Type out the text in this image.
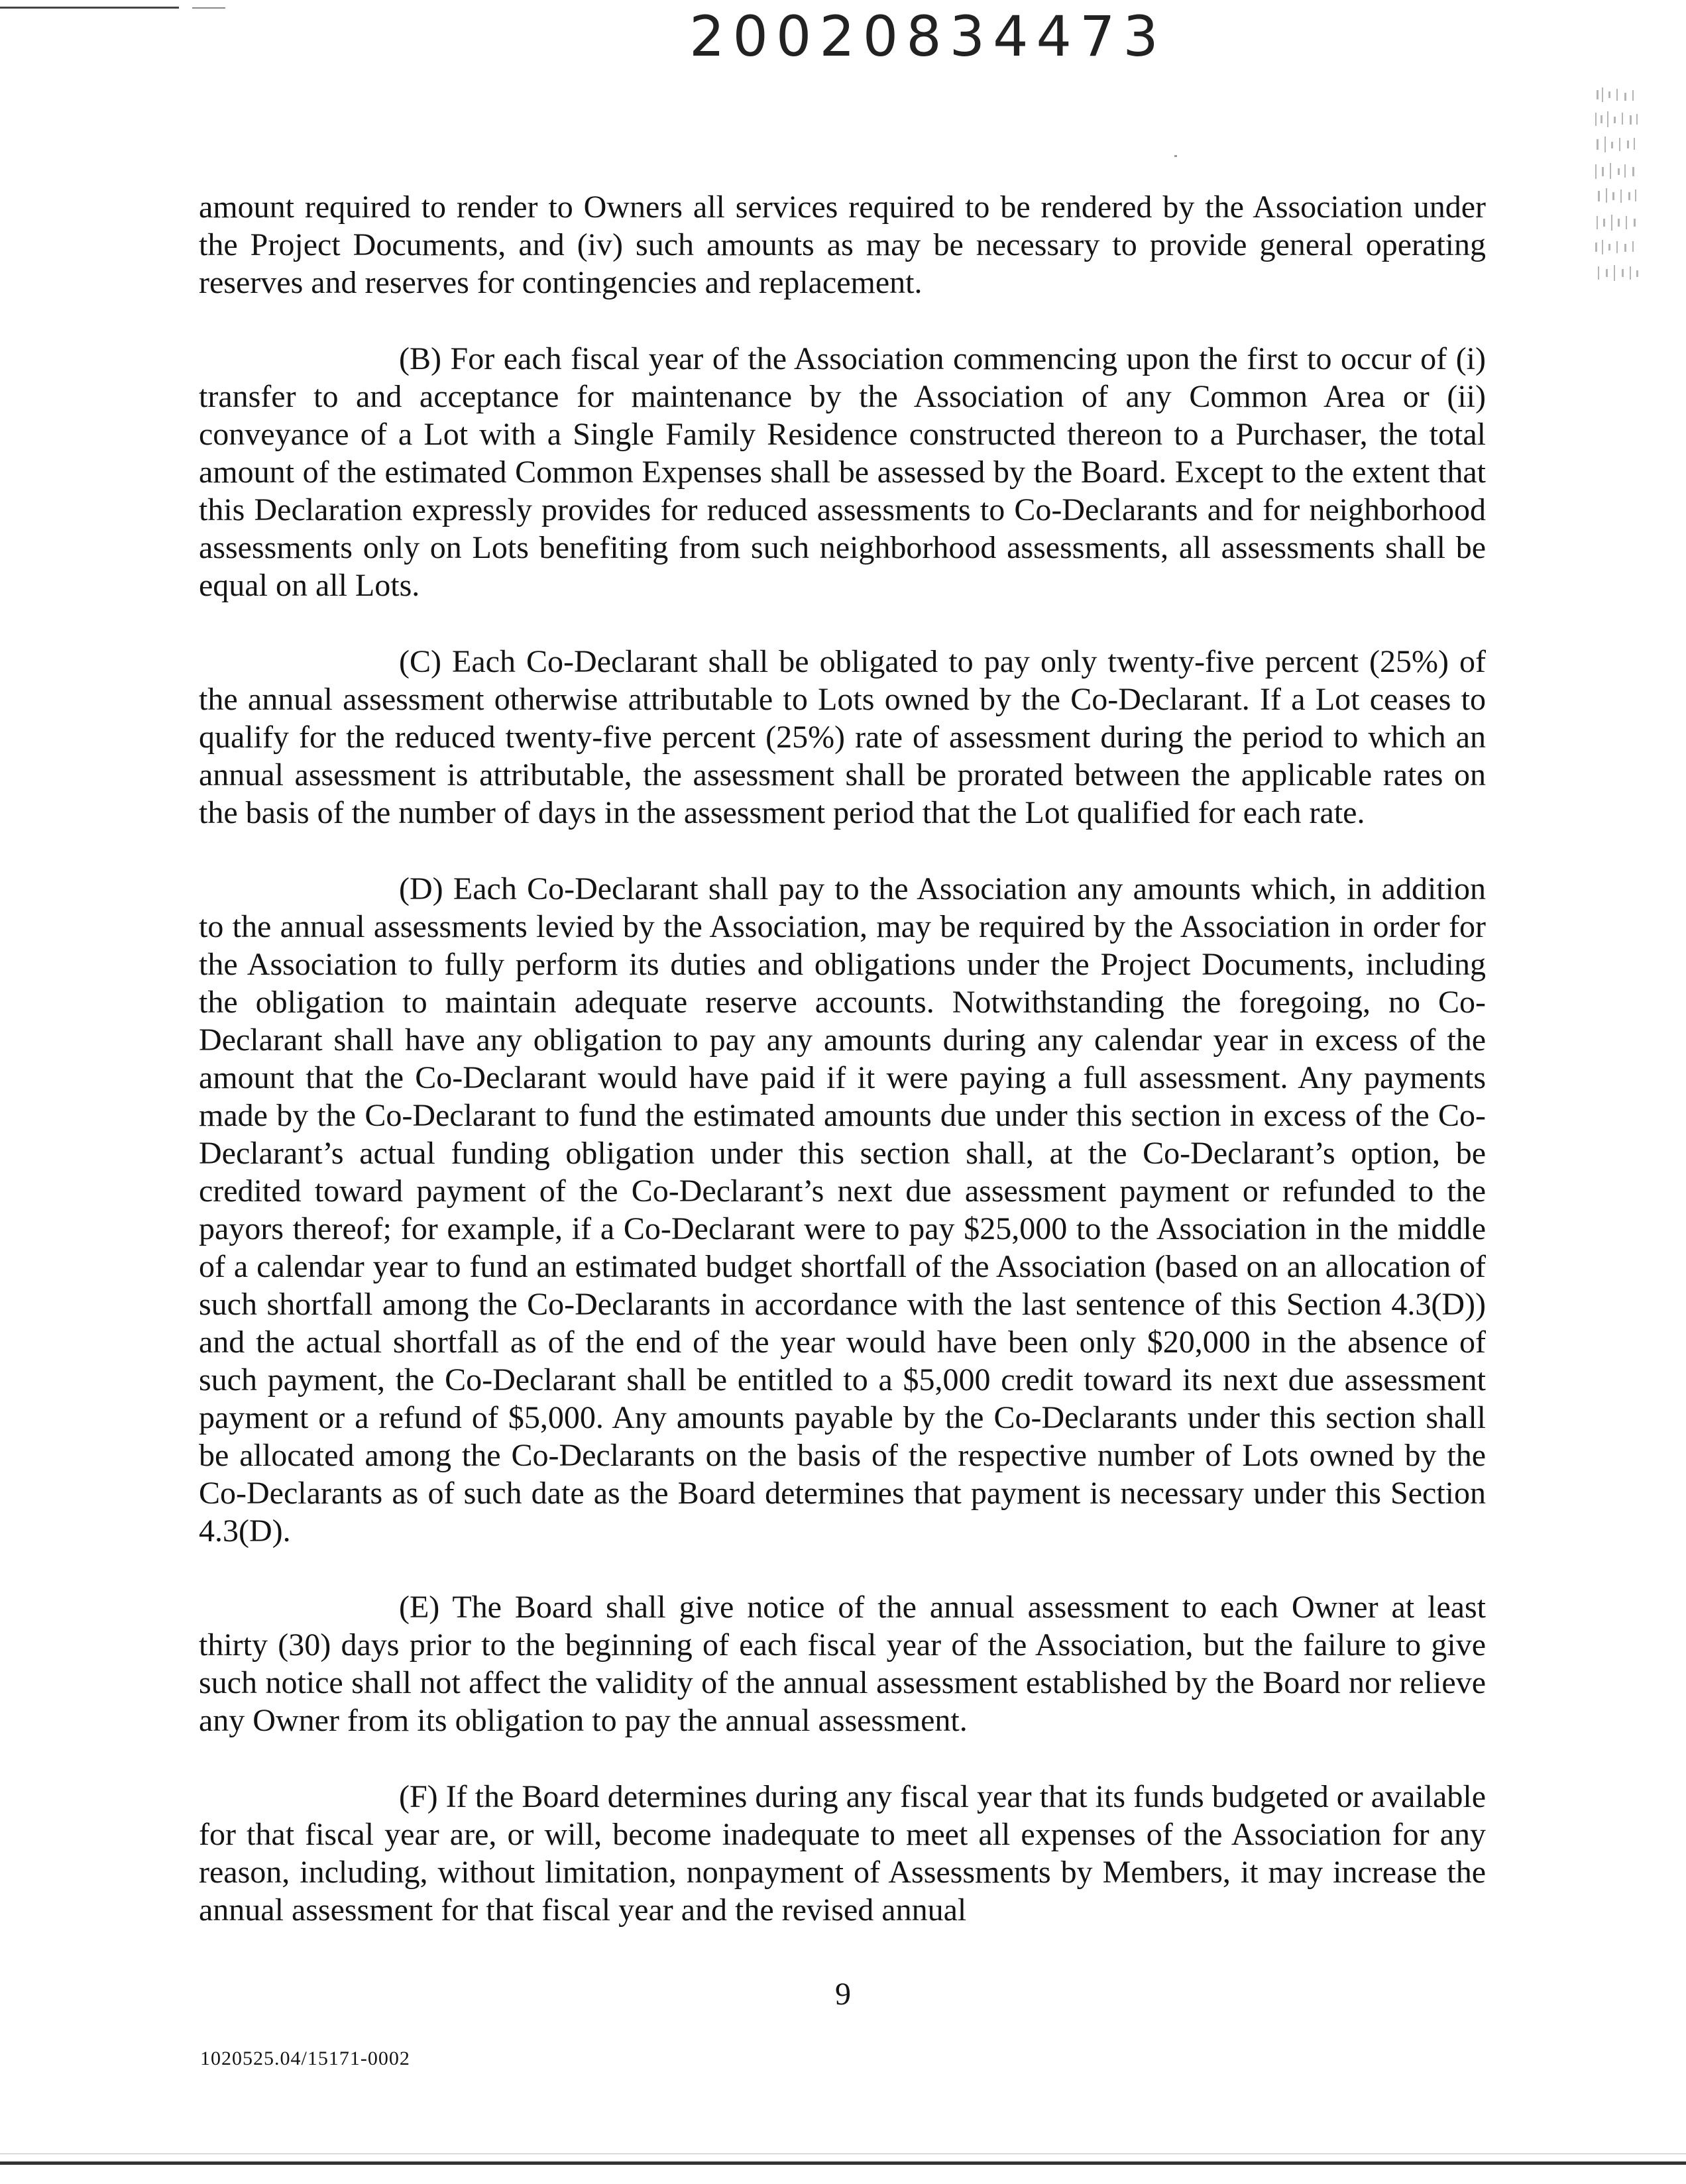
20020834473

amount required to render to Owners all services required to be rendered by the Association under the Project Documents, and (iv) such amounts as may be necessary to provide general operating reserves and reserves for contingencies and replacement.

(B) For each fiscal year of the Association commencing upon the first to occur of (i) transfer to and acceptance for maintenance by the Association of any Common Area or (ii) conveyance of a Lot with a Single Family Residence constructed thereon to a Purchaser, the total amount of the estimated Common Expenses shall be assessed by the Board. Except to the extent that this Declaration expressly provides for reduced assessments to Co-Declarants and for neighborhood assessments only on Lots benefiting from such neighborhood assessments, all assessments shall be equal on all Lots.

(C) Each Co-Declarant shall be obligated to pay only twenty-five percent (25%) of the annual assessment otherwise attributable to Lots owned by the Co-Declarant. If a Lot ceases to qualify for the reduced twenty-five percent (25%) rate of assessment during the period to which an annual assessment is attributable, the assessment shall be prorated between the applicable rates on the basis of the number of days in the assessment period that the Lot qualified for each rate.

(D) Each Co-Declarant shall pay to the Association any amounts which, in addition to the annual assessments levied by the Association, may be required by the Association in order for the Association to fully perform its duties and obligations under the Project Documents, including the obligation to maintain adequate reserve accounts. Notwithstanding the foregoing, no Co-Declarant shall have any obligation to pay any amounts during any calendar year in excess of the amount that the Co-Declarant would have paid if it were paying a full assessment. Any payments made by the Co-Declarant to fund the estimated amounts due under this section in excess of the Co-Declarant’s actual funding obligation under this section shall, at the Co-Declarant’s option, be credited toward payment of the Co-Declarant’s next due assessment payment or refunded to the payors thereof; for example, if a Co-Declarant were to pay $25,000 to the Association in the middle of a calendar year to fund an estimated budget shortfall of the Association (based on an allocation of such shortfall among the Co-Declarants in accordance with the last sentence of this Section 4.3(D)) and the actual shortfall as of the end of the year would have been only $20,000 in the absence of such payment, the Co-Declarant shall be entitled to a $5,000 credit toward its next due assessment payment or a refund of $5,000. Any amounts payable by the Co-Declarants under this section shall be allocated among the Co-Declarants on the basis of the respective number of Lots owned by the Co-Declarants as of such date as the Board determines that payment is necessary under this Section 4.3(D).

(E) The Board shall give notice of the annual assessment to each Owner at least thirty (30) days prior to the beginning of each fiscal year of the Association, but the failure to give such notice shall not affect the validity of the annual assessment established by the Board nor relieve any Owner from its obligation to pay the annual assessment.

(F) If the Board determines during any fiscal year that its funds budgeted or available for that fiscal year are, or will, become inadequate to meet all expenses of the Association for any reason, including, without limitation, nonpayment of Assessments by Members, it may increase the annual assessment for that fiscal year and the revised annual

9
1020525.04/15171-0002
